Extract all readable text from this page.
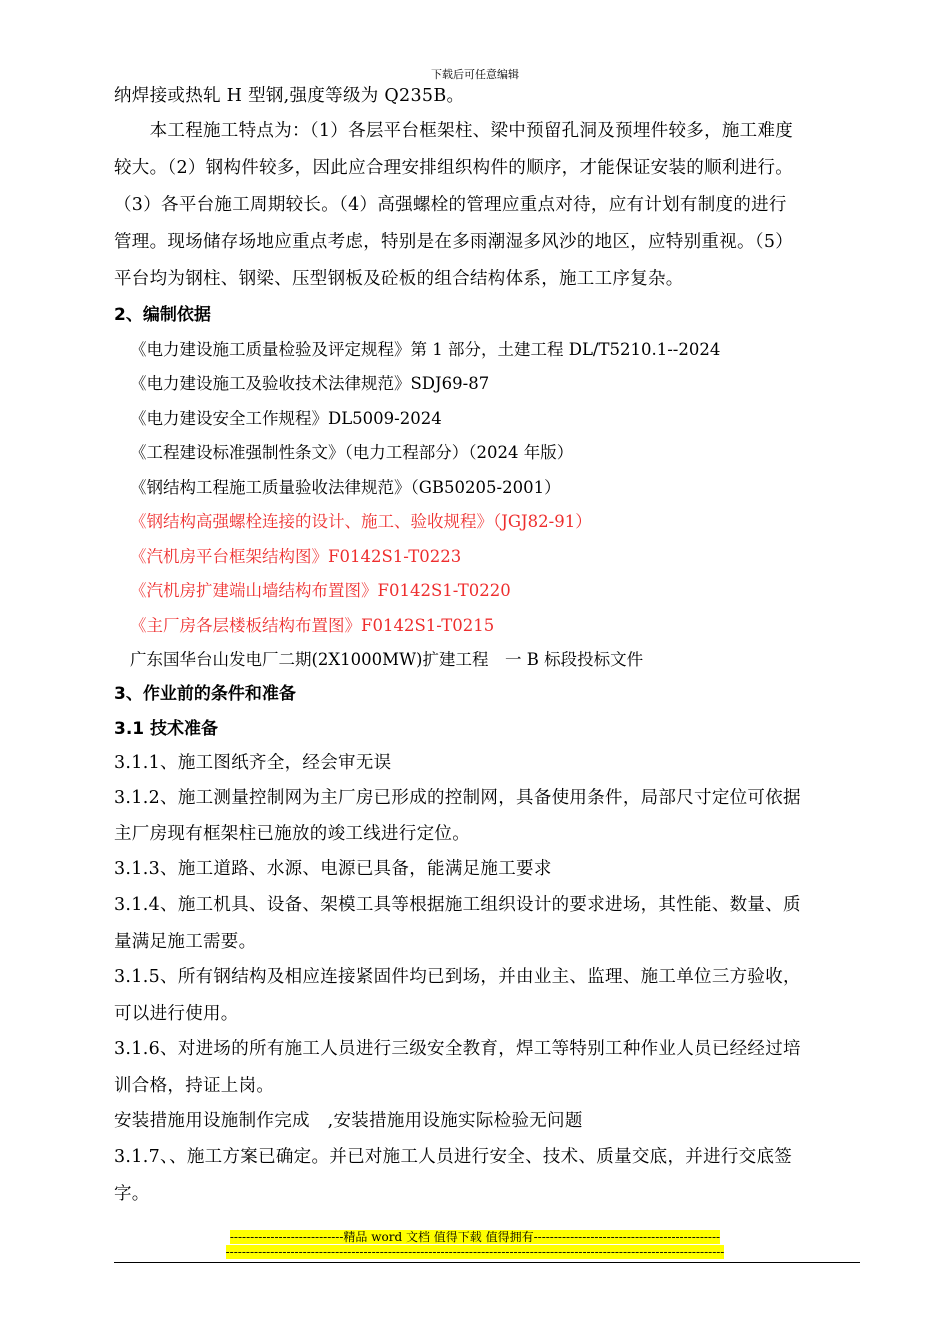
下载后可任意编辑
纳焊接或热轧 H 型钢,强度等级为 Q235B。
　　本工程施工特点为：（1）各层平台框架柱、梁中预留孔洞及预埋件较多，施工难度
较大。（2）钢构件较多，因此应合理安排组织构件的顺序，才能保证安装的顺利进行。
（3）各平台施工周期较长。（4）高强螺栓的管理应重点对待，应有计划有制度的进行
管理。现场储存场地应重点考虑，特别是在多雨潮湿多风沙的地区，应特别重视。（5）
平台均为钢柱、钢梁、压型钢板及砼板的组合结构体系，施工工序复杂。
2、编制依据
《电力建设施工质量检验及评定规程》第 1 部分，土建工程 DL/T5210.1--2024
《电力建设施工及验收技术法律规范》SDJ69-87
《电力建设安全工作规程》DL5009-2024
《工程建设标准强制性条文》（电力工程部分）（2024 年版）
《钢结构工程施工质量验收法律规范》（GB50205-2001）
《钢结构高强螺栓连接的设计、施工、验收规程》（JGJ82-91）
《汽机房平台框架结构图》F0142S1-T0223
《汽机房扩建端山墙结构布置图》F0142S1-T0220
《主厂房各层楼板结构布置图》F0142S1-T0215
广东国华台山发电厂二期(2X1000MW)扩建工程　一 B 标段投标文件
3、作业前的条件和准备
3.1 技术准备
3.1.1、施工图纸齐全，经会审无误
3.1.2、施工测量控制网为主厂房已形成的控制网，具备使用条件，局部尺寸定位可依据
主厂房现有框架柱已施放的竣工线进行定位。
3.1.3、施工道路、水源、电源已具备，能满足施工要求
3.1.4、施工机具、设备、架模工具等根据施工组织设计的要求进场，其性能、数量、质
量满足施工需要。
3.1.5、所有钢结构及相应连接紧固件均已到场，并由业主、监理、施工单位三方验收，
可以进行使用。
3.1.6、对进场的所有施工人员进行三级安全教育，焊工等特别工种作业人员已经经过培
训合格，持证上岗。
安装措施用设施制作完成　,安装措施用设施实际检验无问题
3.1.7、、施工方案已确定。并已对施工人员进行安全、技术、质量交底，并进行交底签
字。
----------------------------精品 word 文档 值得下载 值得拥有----------------------------------------------
---------------------------------------------------------------------------------------------------------------------------
